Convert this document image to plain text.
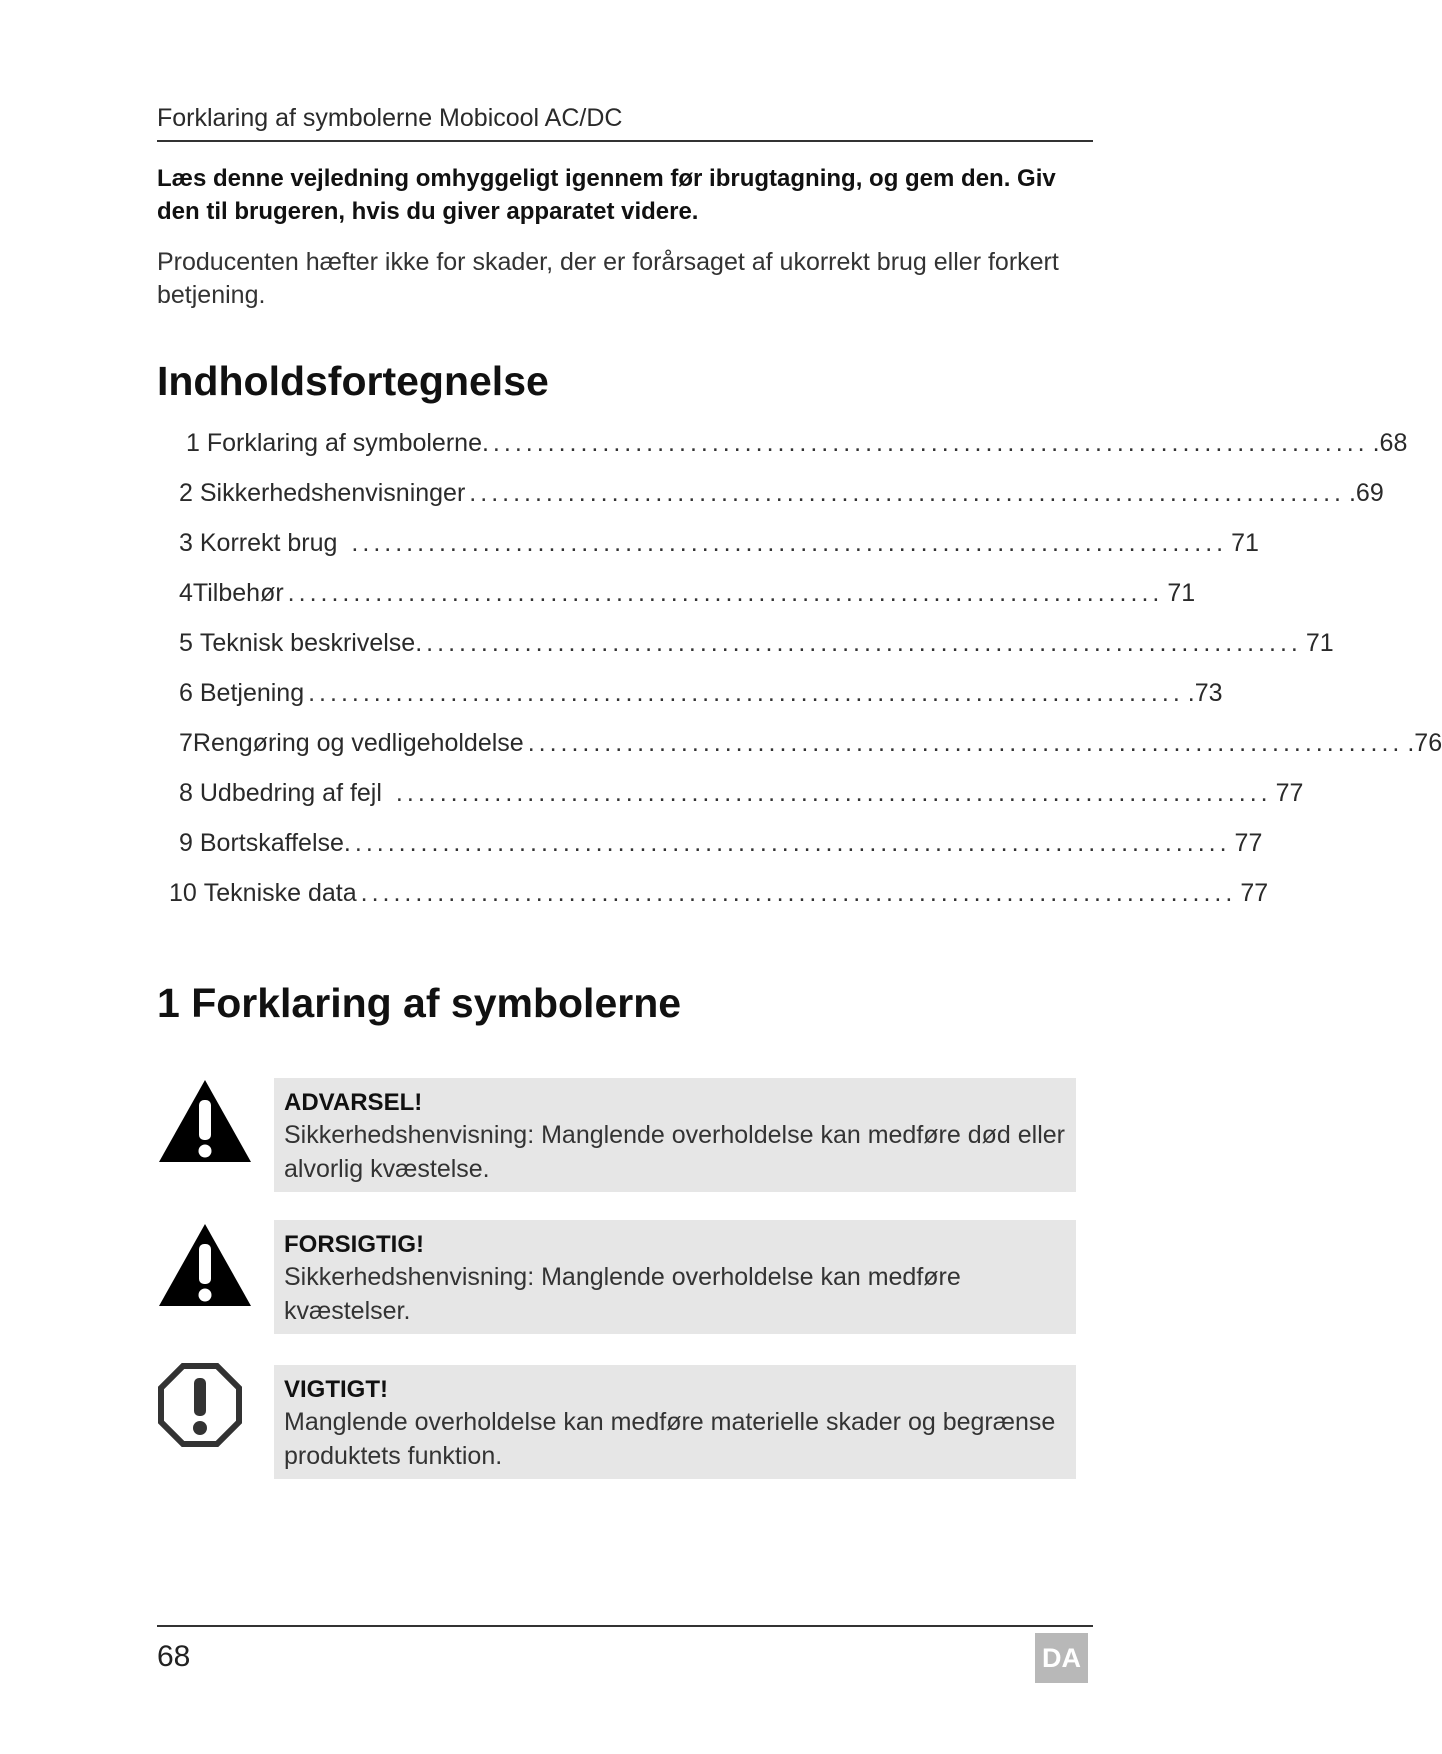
Forklaring af symbolerne Mobicool AC/DC
Læs denne vejledning omhyggeligt igennem før ibrugtagning, og gem den. Giv den til brugeren, hvis du giver apparatet videre.
Producenten hæfter ikke for skader, der er forårsaget af ukorrekt brug eller forkert betjening.
Indholdsfortegnelse
1
Forklaring af symbolerne. ................................................................................ .68
2
Sikkerhedshenvisninger ................................................................................ .69
3
Korrekt brug ................................................................................ 71
4 Tilbehør ................................................................................ 71
5
Teknisk beskrivelse. ................................................................................ 71
6
Betjening ................................................................................ .73
7 Rengøring og vedligeholdelse ................................................................................ .76
8
Udbedring af fejl ................................................................................ 77
9
Bortskaffelse. ................................................................................ 77
10
Tekniske data ................................................................................ 77
1 Forklaring af symbolerne
ADVARSEL!
Sikkerhedshenvisning: Manglende overholdelse kan medføre død eller alvorlig kvæstelse.
FORSIGTIG!
Sikkerhedshenvisning: Manglende overholdelse kan medføre kvæstelser.
VIGTIGT!
Manglende overholdelse kan medføre materielle skader og begrænse produktets funktion.
68	DA
